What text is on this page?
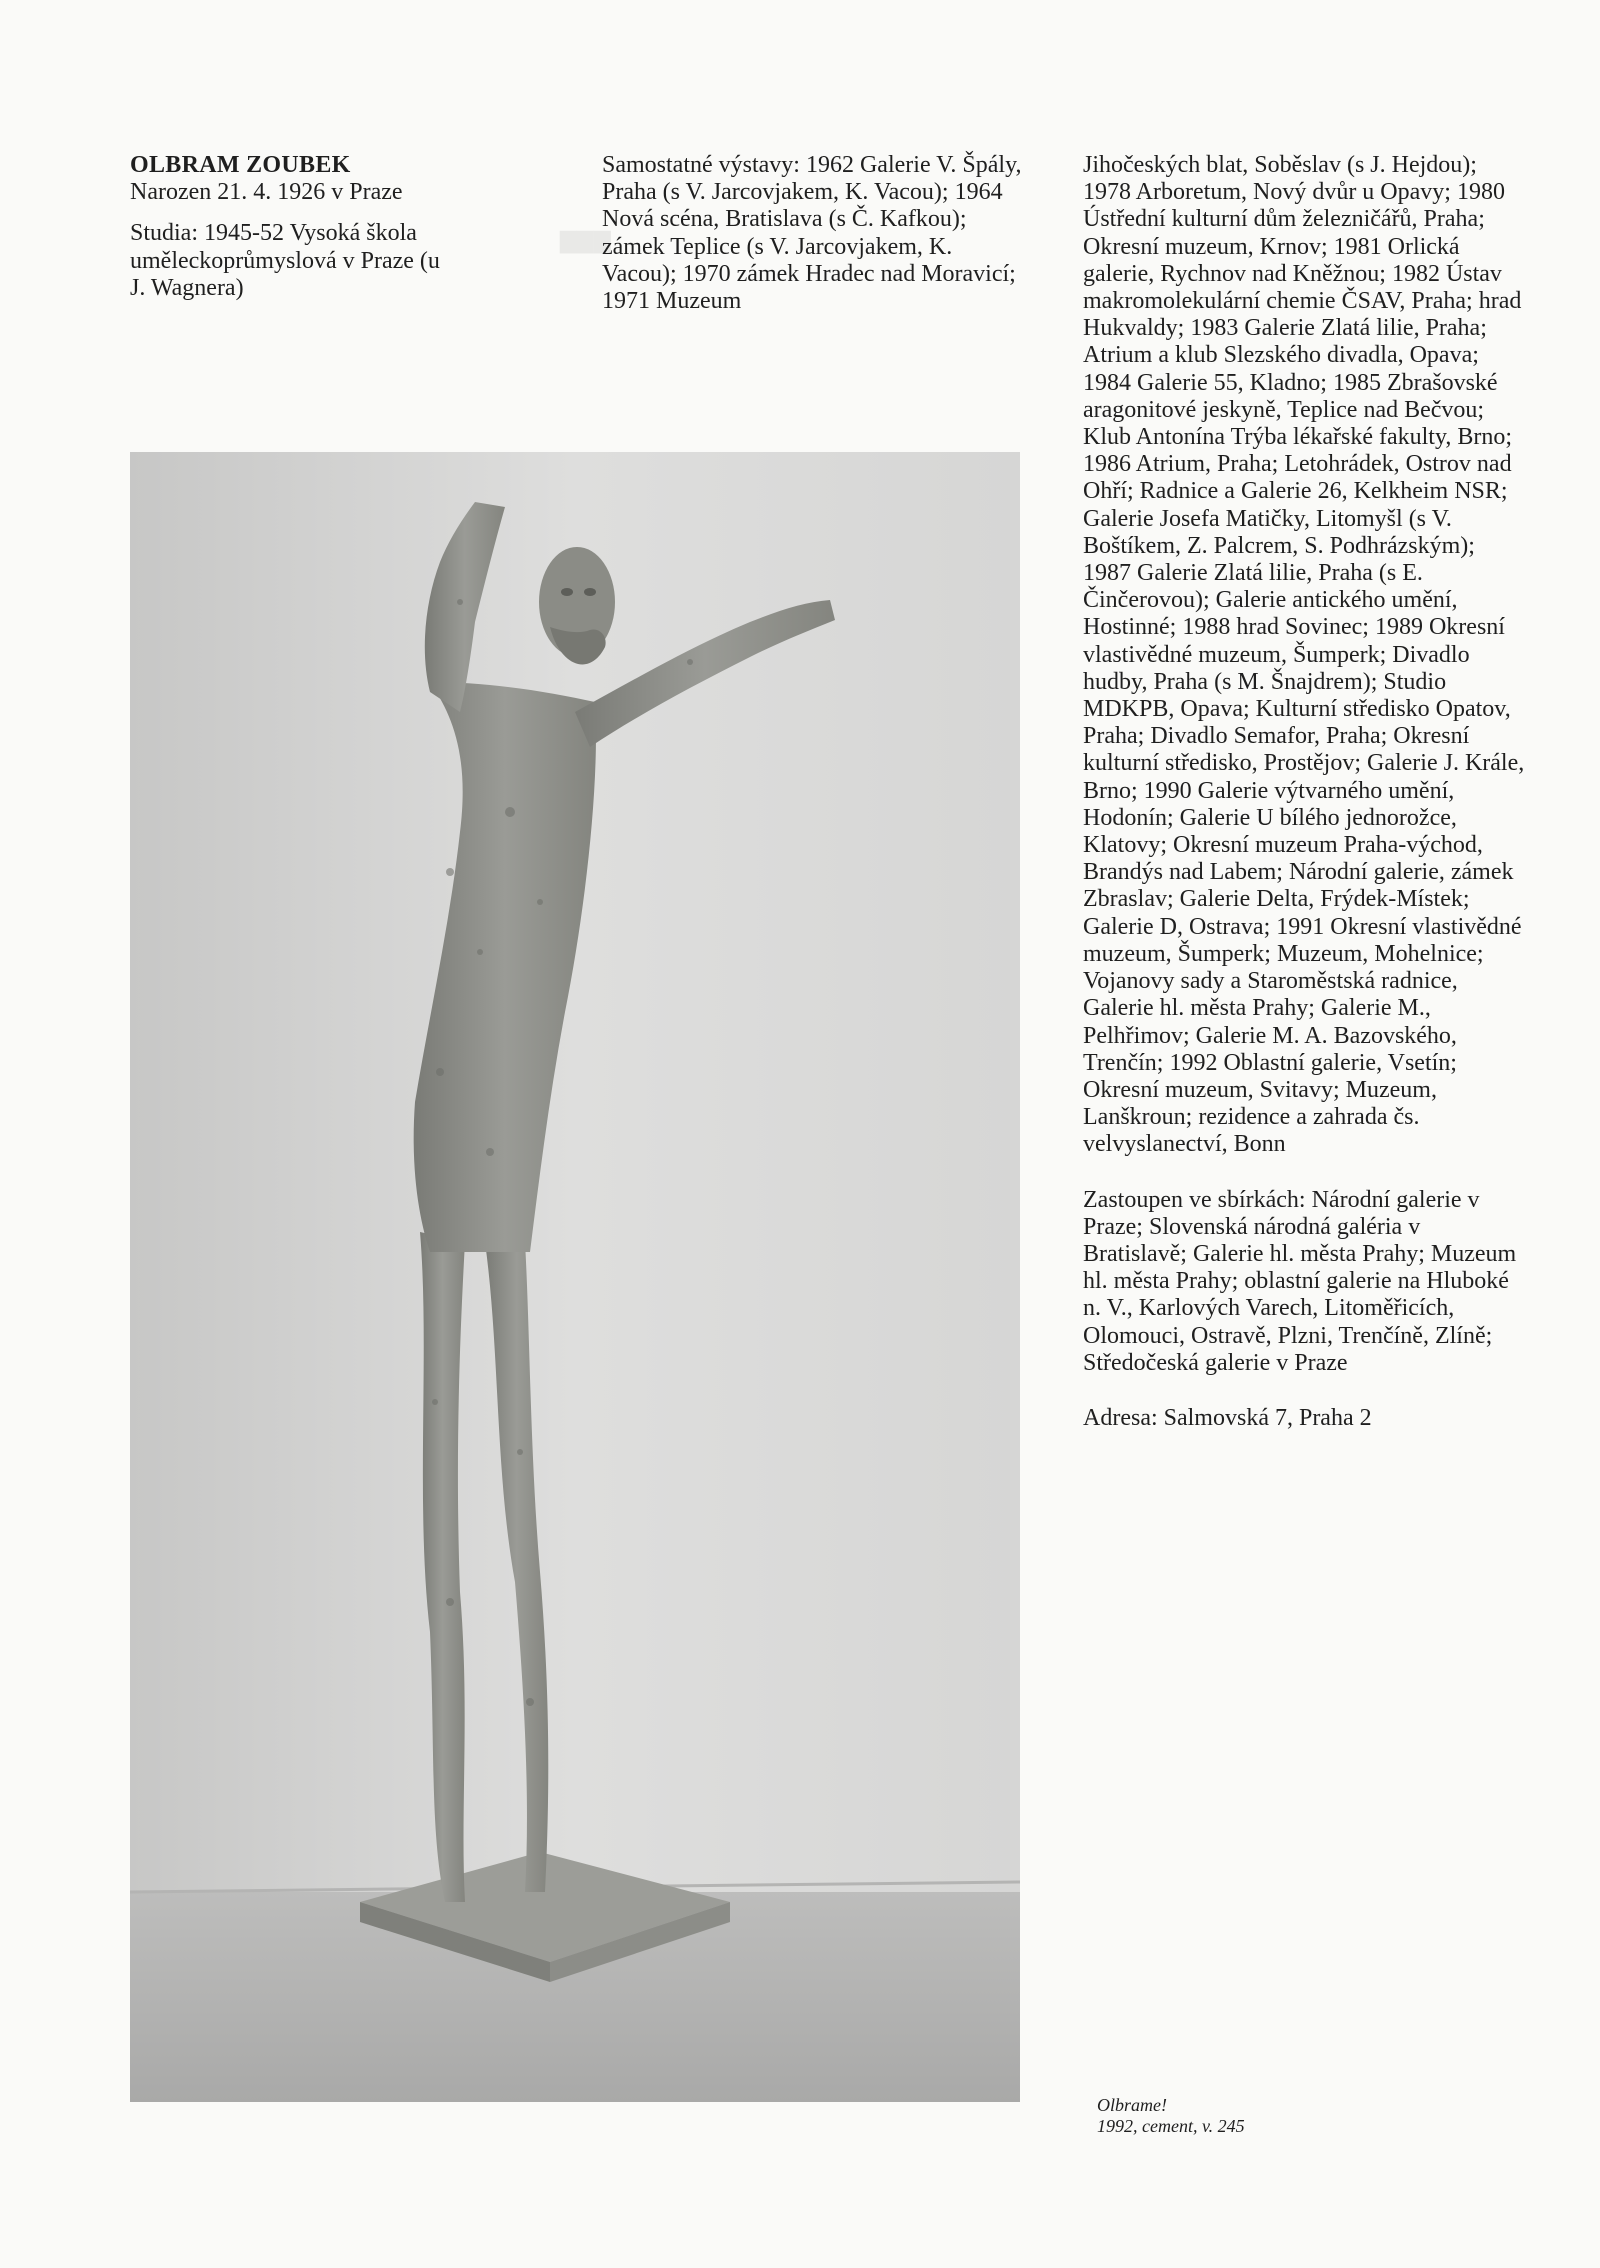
▇▇▇

OLBRAM ZOUBEK

Narozen 21. 4. 1926 v Praze

Studia: 1945-52 Vysoká škola uměleckoprůmyslová v Praze (u J. Wagnera)

Samostatné výstavy: 1962 Galerie V. Špály, Praha (s V. Jarcovjakem, K. Vacou); 1964 Nová scéna, Bratislava (s Č. Kafkou); zámek Teplice (s V. Jarcovjakem, K. Vacou); 1970 zámek Hradec nad Moravicí; 1971 Muzeum

Jihočeských blat, Soběslav (s J. Hejdou); 1978 Arboretum, Nový dvůr u Opavy; 1980 Ústřední kulturní dům železničářů, Praha; Okresní muzeum, Krnov; 1981 Orlická galerie, Rychnov nad Kněžnou; 1982 Ústav makromolekulární chemie ČSAV, Praha; hrad Hukvaldy; 1983 Galerie Zlatá lilie, Praha; Atrium a klub Slezského divadla, Opava; 1984 Galerie 55, Kladno; 1985 Zbrašovské aragonitové jeskyně, Teplice nad Bečvou; Klub Antonína Trýba lékařské fakulty, Brno; 1986 Atrium, Praha; Letohrádek, Ostrov nad Ohří; Radnice a Galerie 26, Kelkheim NSR; Galerie Josefa Matičky, Litomyšl (s V. Boštíkem, Z. Palcrem, S. Podhrázským); 1987 Galerie Zlatá lilie, Praha (s E. Činčerovou); Galerie antického umění, Hostinné; 1988 hrad Sovinec; 1989 Okresní vlastivědné muzeum, Šumperk; Divadlo hudby, Praha (s M. Šnajdrem); Studio MDKPB, Opava; Kulturní středisko Opatov, Praha; Divadlo Semafor, Praha; Okresní kulturní středisko, Prostějov; Galerie J. Krále, Brno; 1990 Galerie výtvarného umění, Hodonín; Galerie U bílého jednorožce, Klatovy; Okresní muzeum Praha-východ, Brandýs nad Labem; Národní galerie, zámek Zbraslav; Galerie Delta, Frýdek-Místek; Galerie D, Ostrava; 1991 Okresní vlastivědné muzeum, Šumperk; Muzeum, Mohelnice; Vojanovy sady a Staroměstská radnice, Galerie hl. města Prahy; Galerie M., Pelhřimov; Galerie M. A. Bazovského, Trenčín; 1992 Oblastní galerie, Vsetín; Okresní muzeum, Svitavy; Muzeum, Lanškroun; rezidence a zahrada čs. velvyslanectví, Bonn

Zastoupen ve sbírkách: Národní galerie v Praze; Slovenská národná galéria v Bratislavě; Galerie hl. města Prahy; Muzeum hl. města Prahy; oblastní galerie na Hluboké n. V., Karlových Varech, Litoměřicích, Olomouci, Ostravě, Plzni, Trenčíně, Zlíně; Středočeská galerie v Praze

Adresa: Salmovská 7, Praha 2

Olbrame!
1992, cement, v. 245
